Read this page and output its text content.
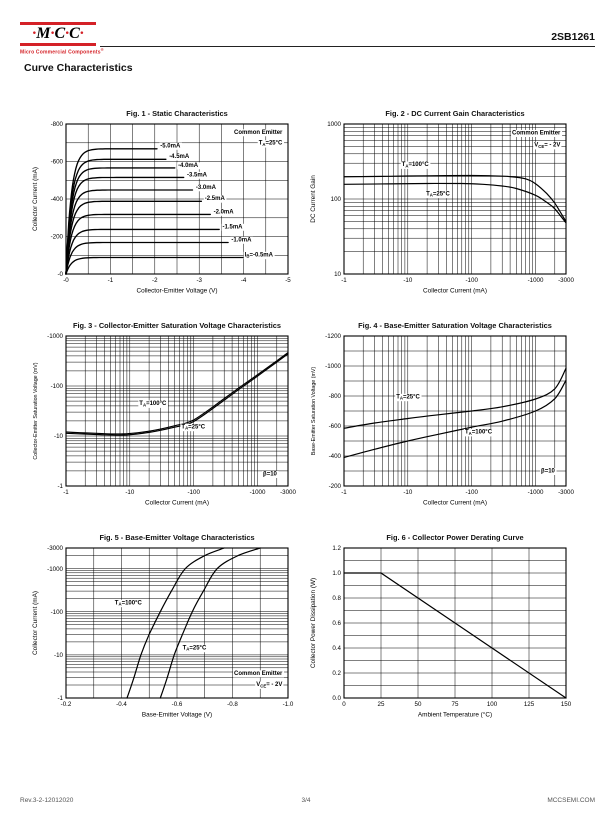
· M · C · C ·
Micro Commercial Components®
2SB1261
Curve Characteristics
Fig. 1 - Static Characteristics
-0	-1	-2	-3	-4	-5
-0
-200
-400
-600
-800
Collector-Emitter Voltage (V)
Collector Current (mA)
-5.0mA
-4.5mA
-4.0mA
-3.5mA
-3.0mA
-2.5mA
-2.0mA
-1.5mA
-1.0mA
$I_B=-0.5mA$
Common Emitter
$T_A=25^\circ C$
Fig. 2 - DC Current Gain Characteristics
-1	-10	-100	-1000 -3000
10
100
1000
Collector Current (mA)
DC Current Gain
$T_A=100^\circ C$
$T_A=25^\circ C$
Common Emitter
$V_{CE}= - 2V$
Fig. 3 - Collector-Emitter Saturation Voltage Characteristics
-1	-10	-100	-1000 -3000
-1
-10
-100
-1000
Collector Current (mA)
Collector-Emitter Saturation Voltage (mV)	$T_A=100^\circ C$
$T_A=25^\circ C$
β=10
Fig. 4 - Base-Emitter Saturation Voltage Characteristics
-1	-10	-100	-1000 -3000
-200
-400
-600
-800
-1000
-1200
Collector Current (mA)
Base-Emitter Saturation Voltage (mV)	$T_A=25^\circ C$
$T_A=100^\circ C$
β=10
Fig. 5 - Base-Emitter Voltage Characteristics
-0.2	-0.4	-0.6	-0.8	-1.0
-1
-10
-100
-1000
-3000
Base-Emitter Voltage (V)
Collector Current (mA)	$T_A=100^\circ C$
$T_A=25^\circ C$
Common Emitter
$V_{CE}= - 2V$
Fig. 6 - Collector Power Derating Curve
0	25	50	75	100	125	150
0.0
0.2
0.4
0.6
0.8
1.0
1.2
Ambient Temperature (°C)
Collector Power Dissipation (W)
Rev.3-2-12012020	3/4	MCCSEMI.COM
